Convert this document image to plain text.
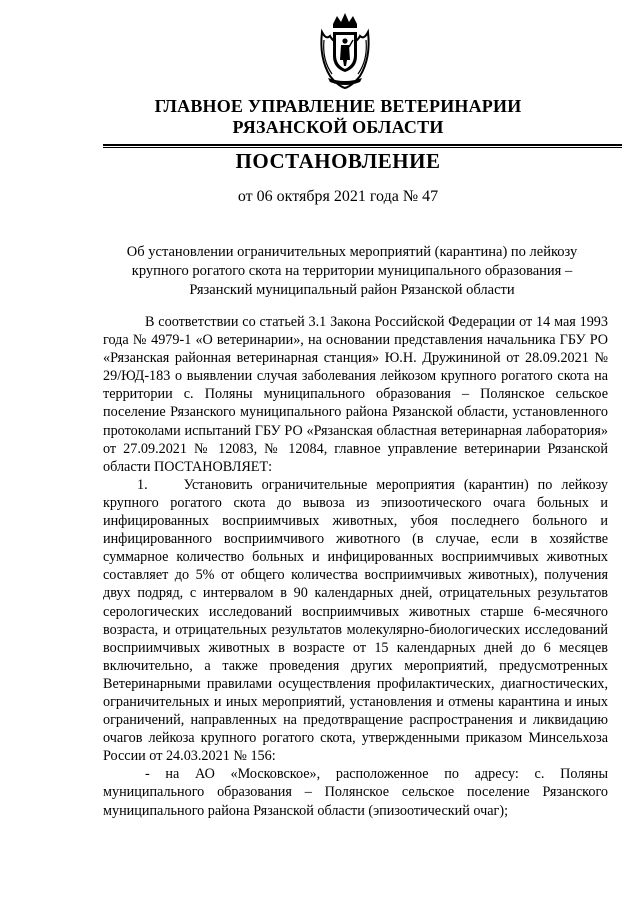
ГЛАВНОЕ УПРАВЛЕНИЕ ВЕТЕРИНАРИИ
РЯЗАНСКОЙ ОБЛАСТИ
ПОСТАНОВЛЕНИЕ
от 06 октября 2021 года № 47
Об установлении ограничительных мероприятий (карантина) по лейкозу крупного рогатого скота на территории муниципального образования – Рязанский муниципальный район Рязанской области

В соответствии со статьей 3.1 Закона Российской Федерации от 14 мая 1993 года № 4979-1 «О ветеринарии», на основании представления начальника ГБУ РО «Рязанская районная ветеринарная станция» Ю.Н. Дружининой от 28.09.2021 № 29/ЮД-183 о выявлении случая заболевания лейкозом крупного рогатого скота на территории с. Поляны муниципального образования – Полянское сельское поселение Рязанского муниципального района Рязанской области, установленного протоколами испытаний ГБУ РО «Рязанская областная ветеринарная лаборатория» от 27.09.2021 № 12083, № 12084, главное управление ветеринарии Рязанской области ПОСТАНОВЛЯЕТ:

1.    Установить ограничительные мероприятия (карантин) по лейкозу крупного рогатого скота до вывоза из эпизоотического очага больных и инфицированных восприимчивых животных, убоя последнего больного и инфицированного восприимчивого животного (в случае, если в хозяйстве суммарное количество больных и инфицированных восприимчивых животных составляет до 5% от общего количества восприимчивых животных), получения двух подряд, с интервалом в 90 календарных дней, отрицательных результатов серологических исследований восприимчивых животных старше 6-месячного возраста, и отрицательных результатов молекулярно-биологических исследований восприимчивых животных в возрасте от 15 календарных дней до 6 месяцев включительно, а также проведения других мероприятий, предусмотренных Ветеринарными правилами осуществления профилактических, диагностических, ограничительных и иных мероприятий, установления и отмены карантина и иных ограничений, направленных на предотвращение распространения и ликвидацию очагов лейкоза крупного рогатого скота, утвержденными приказом Минсельхоза России от 24.03.2021 № 156:

- на АО «Московское», расположенное по адресу: с. Поляны муниципального образования – Полянское сельское поселение Рязанского муниципального района Рязанской области (эпизоотический очаг);
